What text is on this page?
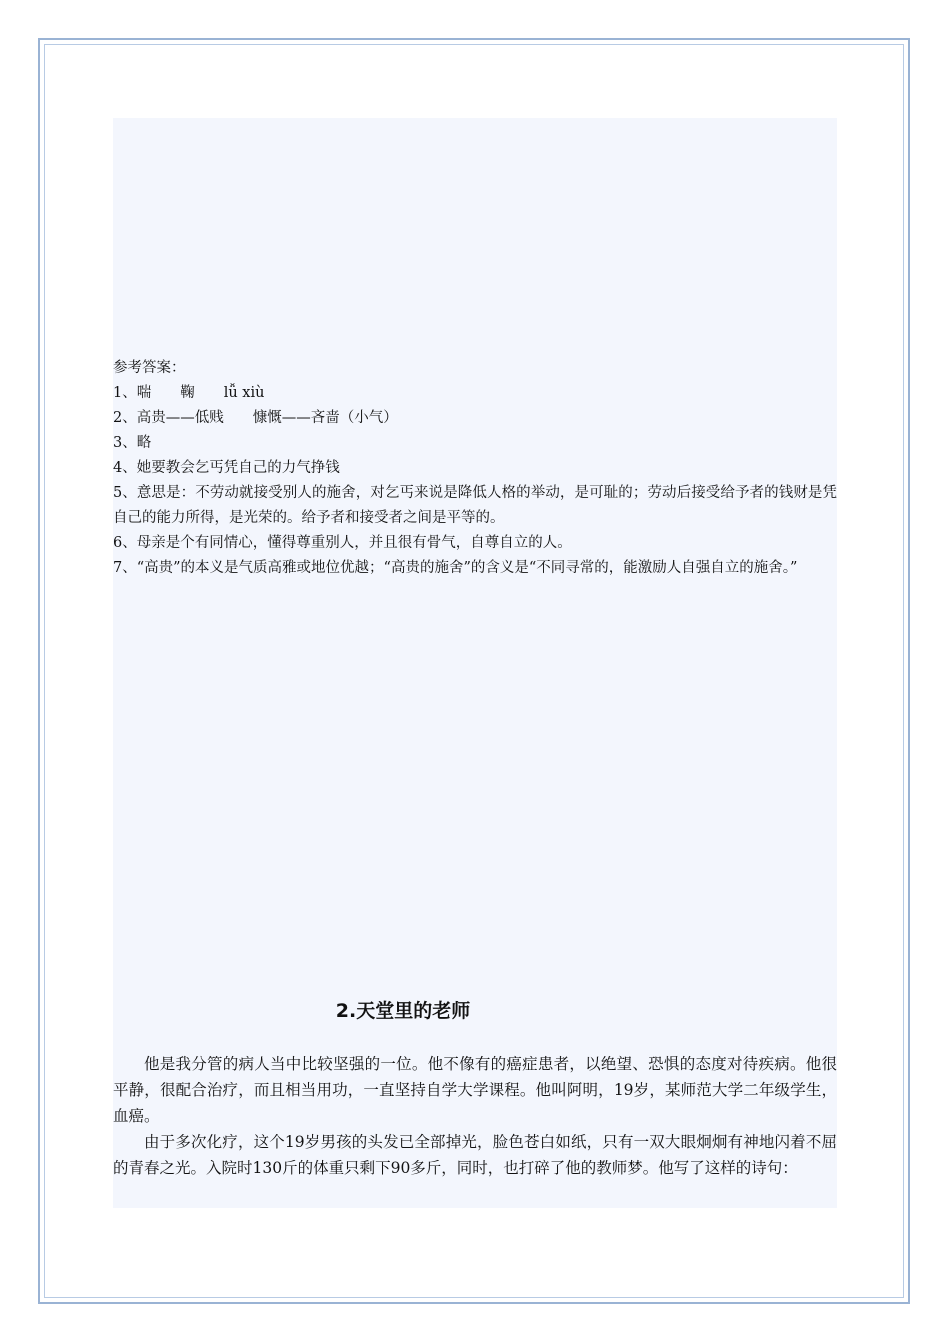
参考答案：

1、喘　　鞠　　lǚ xiù

2、高贵——低贱　　慷慨——吝啬（小气）

3、略

4、她要教会乞丐凭自己的力气挣钱

5、意思是：不劳动就接受别人的施舍，对乞丐来说是降低人格的举动，是可耻的；劳动后接受给予者的钱财是凭自己的能力所得，是光荣的。给予者和接受者之间是平等的。

6、母亲是个有同情心，懂得尊重别人，并且很有骨气，自尊自立的人。

7、“高贵”的本义是气质高雅或地位优越；“高贵的施舍”的含义是“不同寻常的，能激励人自强自立的施舍。”

2.天堂里的老师

他是我分管的病人当中比较坚强的一位。他不像有的癌症患者，以绝望、恐惧的态度对待疾病。他很平静，很配合治疗，而且相当用功，一直坚持自学大学课程。他叫阿明，19岁，某师范大学二年级学生，血癌。

由于多次化疗，这个19岁男孩的头发已全部掉光，脸色苍白如纸，只有一双大眼炯炯有神地闪着不屈的青春之光。入院时130斤的体重只剩下90多斤，同时，也打碎了他的教师梦。他写了这样的诗句：
